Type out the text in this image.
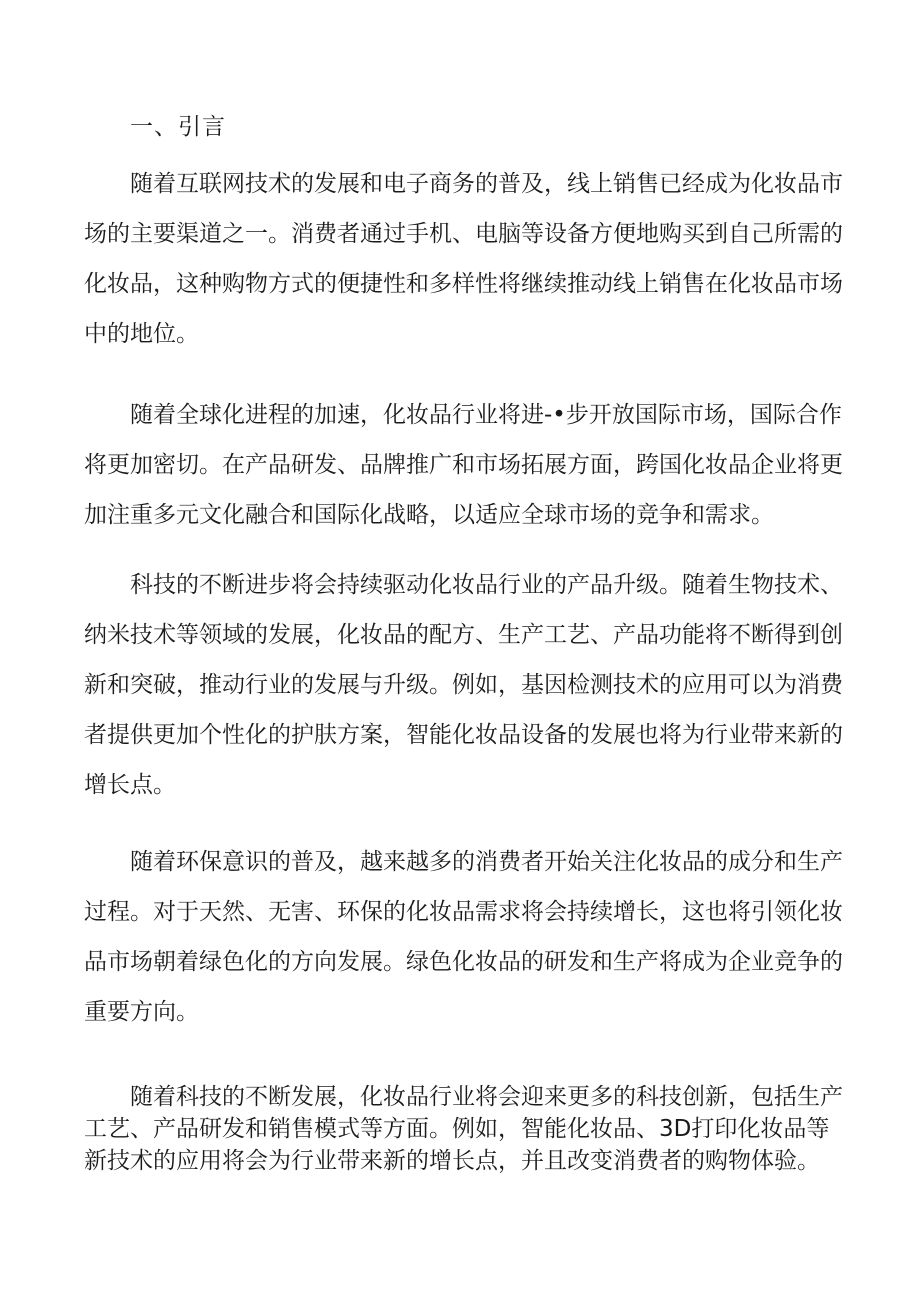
一、引言
随着互联网技术的发展和电子商务的普及，线上销售已经成为化妆品市
场的主要渠道之一。消费者通过手机、电脑等设备方便地购买到自己所需的
化妆品，这种购物方式的便捷性和多样性将继续推动线上销售在化妆品市场
中的地位。
随着全球化进程的加速，化妆品行业将进-•步开放国际市场，国际合作
将更加密切。在产品研发、品牌推广和市场拓展方面，跨国化妆品企业将更
加注重多元文化融合和国际化战略，以适应全球市场的竞争和需求。
科技的不断进步将会持续驱动化妆品行业的产品升级。随着生物技术、
纳米技术等领域的发展，化妆品的配方、生产工艺、产品功能将不断得到创
新和突破，推动行业的发展与升级。例如，基因检测技术的应用可以为消费
者提供更加个性化的护肤方案，智能化妆品设备的发展也将为行业带来新的
增长点。
随着环保意识的普及，越来越多的消费者开始关注化妆品的成分和生产
过程。对于天然、无害、环保的化妆品需求将会持续增长，这也将引领化妆
品市场朝着绿色化的方向发展。绿色化妆品的研发和生产将成为企业竞争的
重要方向。
随着科技的不断发展，化妆品行业将会迎来更多的科技创新，包括生产
工艺、产品研发和销售模式等方面。例如，智能化妆品、3D打印化妆品等
新技术的应用将会为行业带来新的增长点，并且改变消费者的购物体验。
